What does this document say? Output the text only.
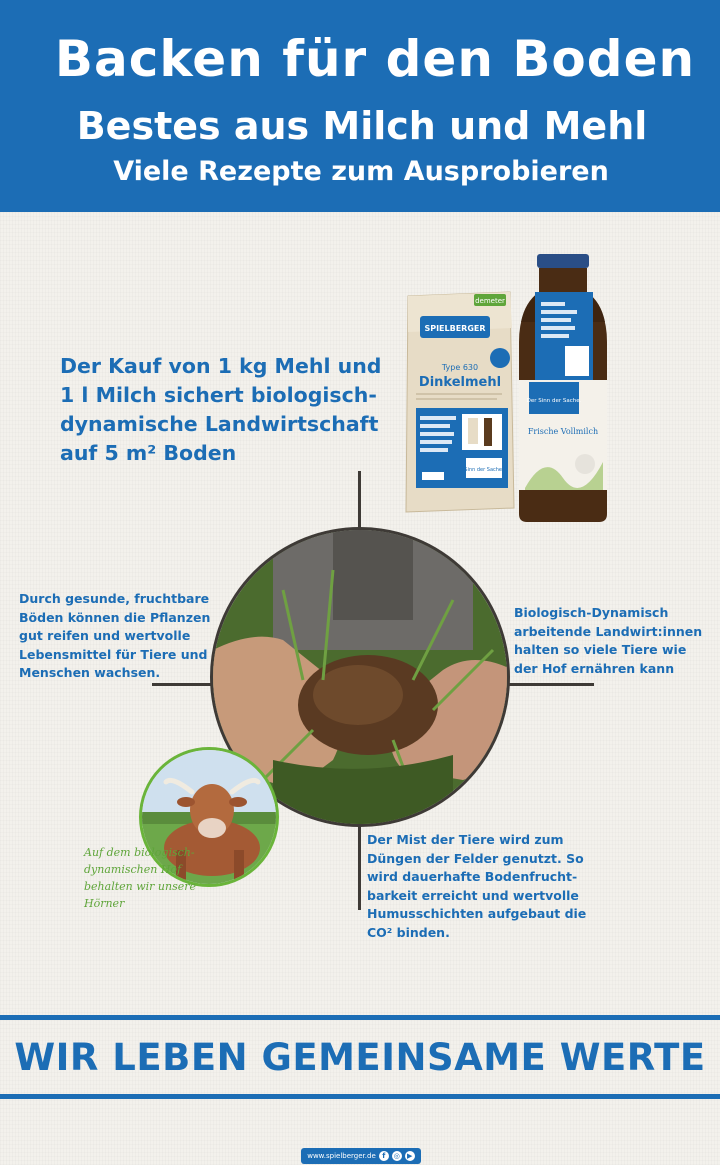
Backen für den Boden
Bestes aus Milch und Mehl
Viele Rezepte zum Ausprobieren
Der Kauf von 1 kg Mehl und 1 l Milch sichert biologisch-dynamische Landwirtschaft auf 5 m² Boden
demeter
SPIELBERGER
Type 630
Dinkelmehl
Sinn der Sache.
Der Sinn der Sache.
Frische Vollmilch
Durch gesunde, fruchtbare Böden können die Pflanzen gut reifen und wertvolle Lebensmittel für Tiere und Menschen wachsen.
Biologisch-Dynamisch arbeitende Landwirt:innen halten so viele Tiere wie der Hof ernähren kann
Der Mist der Tiere wird zum Düngen der Felder genutzt. So wird dauerhafte Bodenfrucht-barkeit erreicht und wertvolle Humusschichten aufgebaut die CO² binden.
Auf dem biologisch-dynamischen Hof behalten wir unsere Hörner
WIR LEBEN GEMEINSAME WERTE
www.spielberger.de f	◎	▶
